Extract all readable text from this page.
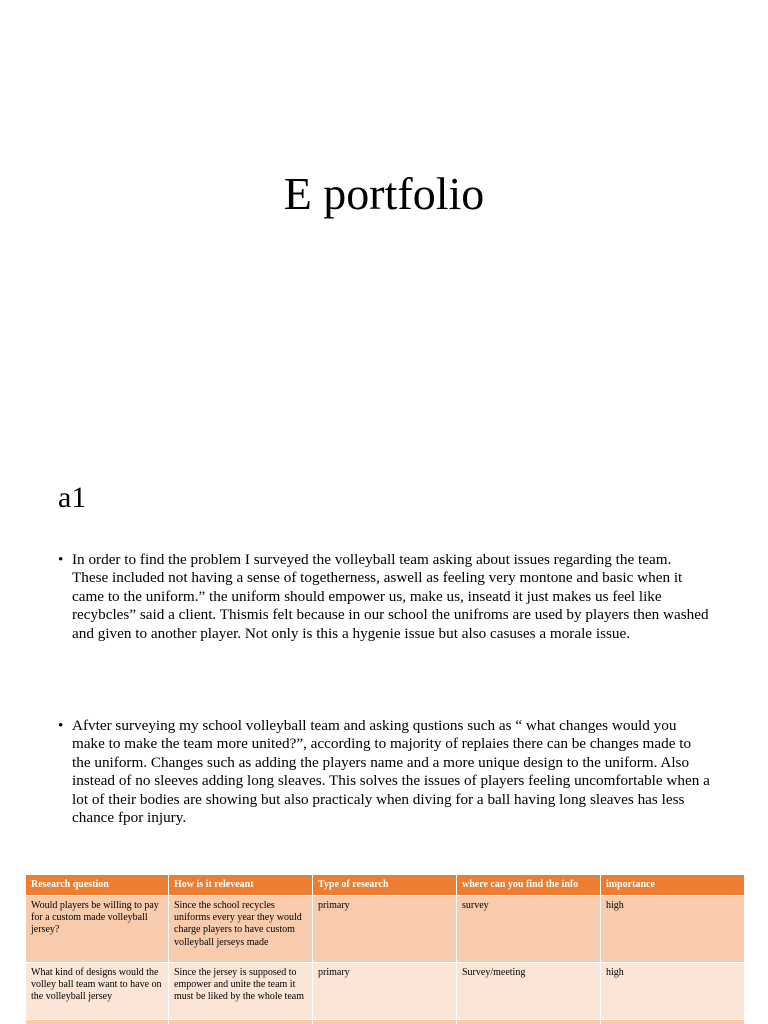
E portfolio
a1
• In order to find the problem I surveyed the volleyball team asking about issues regarding the team. These included not having a sense of togetherness, aswell as feeling very montone and basic when it came to the uniform.” the uniform should empower us, make us, inseatd it just makes us feel like recybcles” said a client. Thismis felt because in our school the unifroms are used by players then washed and given to another player. Not only is this a hygenie issue but also casuses a morale issue.
• Afvter surveying my school volleyball team and asking qustions such as “ what changes would you make to make the team more united?”, according to majority of replaies there can be changes made to the uniform. Changes such as adding the players name and a more unique design to the uniform. Also instead of no sleeves adding long sleaves. This solves the issues of players feeling uncomfortable when a lot of their bodies are showing but also practicaly when diving for a ball having long sleaves has less chance fpor injury.
Research question	How is it releveant	Type of research	where can you find the info	importance
Would players be willing to pay for a custom made volleyball jersey?	Since the school recycles uniforms every year they would charge players to have custom volleyball jerseys made	primary	survey	high
What kind of designs would the volley ball team want to have on the volleyball jersey	Since the jersey is supposed to empower and unite the team it must be liked by the whole team	primary	Survey/meeting	high
